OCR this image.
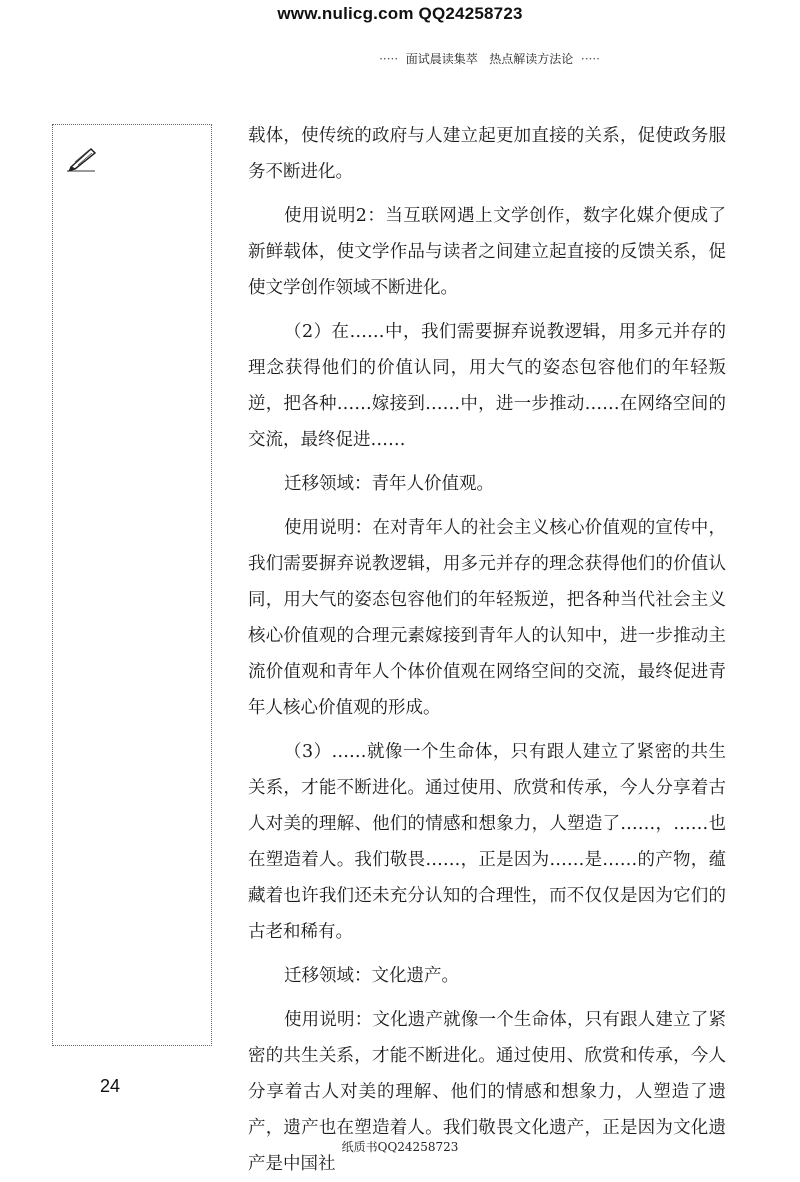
www.nulicg.com QQ24258723
····· 面试晨读集萃 热点解读方法论 ·····

载体，使传统的政府与人建立起更加直接的关系，促使政务服务不断进化。

使用说明2：当互联网遇上文学创作，数字化媒介便成了新鲜载体，使文学作品与读者之间建立起直接的反馈关系，促使文学创作领域不断进化。

（2）在……中，我们需要摒弃说教逻辑，用多元并存的理念获得他们的价值认同，用大气的姿态包容他们的年轻叛逆，把各种……嫁接到……中，进一步推动……在网络空间的交流，最终促进……

迁移领域：青年人价值观。

使用说明：在对青年人的社会主义核心价值观的宣传中，我们需要摒弃说教逻辑，用多元并存的理念获得他们的价值认同，用大气的姿态包容他们的年轻叛逆，把各种当代社会主义核心价值观的合理元素嫁接到青年人的认知中，进一步推动主流价值观和青年人个体价值观在网络空间的交流，最终促进青年人核心价值观的形成。

（3）……就像一个生命体，只有跟人建立了紧密的共生关系，才能不断进化。通过使用、欣赏和传承，今人分享着古人对美的理解、他们的情感和想象力，人塑造了……，……也在塑造着人。我们敬畏……，正是因为……是……的产物，蕴藏着也许我们还未充分认知的合理性，而不仅仅是因为它们的古老和稀有。

迁移领域：文化遗产。

使用说明：文化遗产就像一个生命体，只有跟人建立了紧密的共生关系，才能不断进化。通过使用、欣赏和传承，今人分享着古人对美的理解、他们的情感和想象力，人塑造了遗产，遗产也在塑造着人。我们敬畏文化遗产，正是因为文化遗产是中国社

24
纸质书QQ24258723
